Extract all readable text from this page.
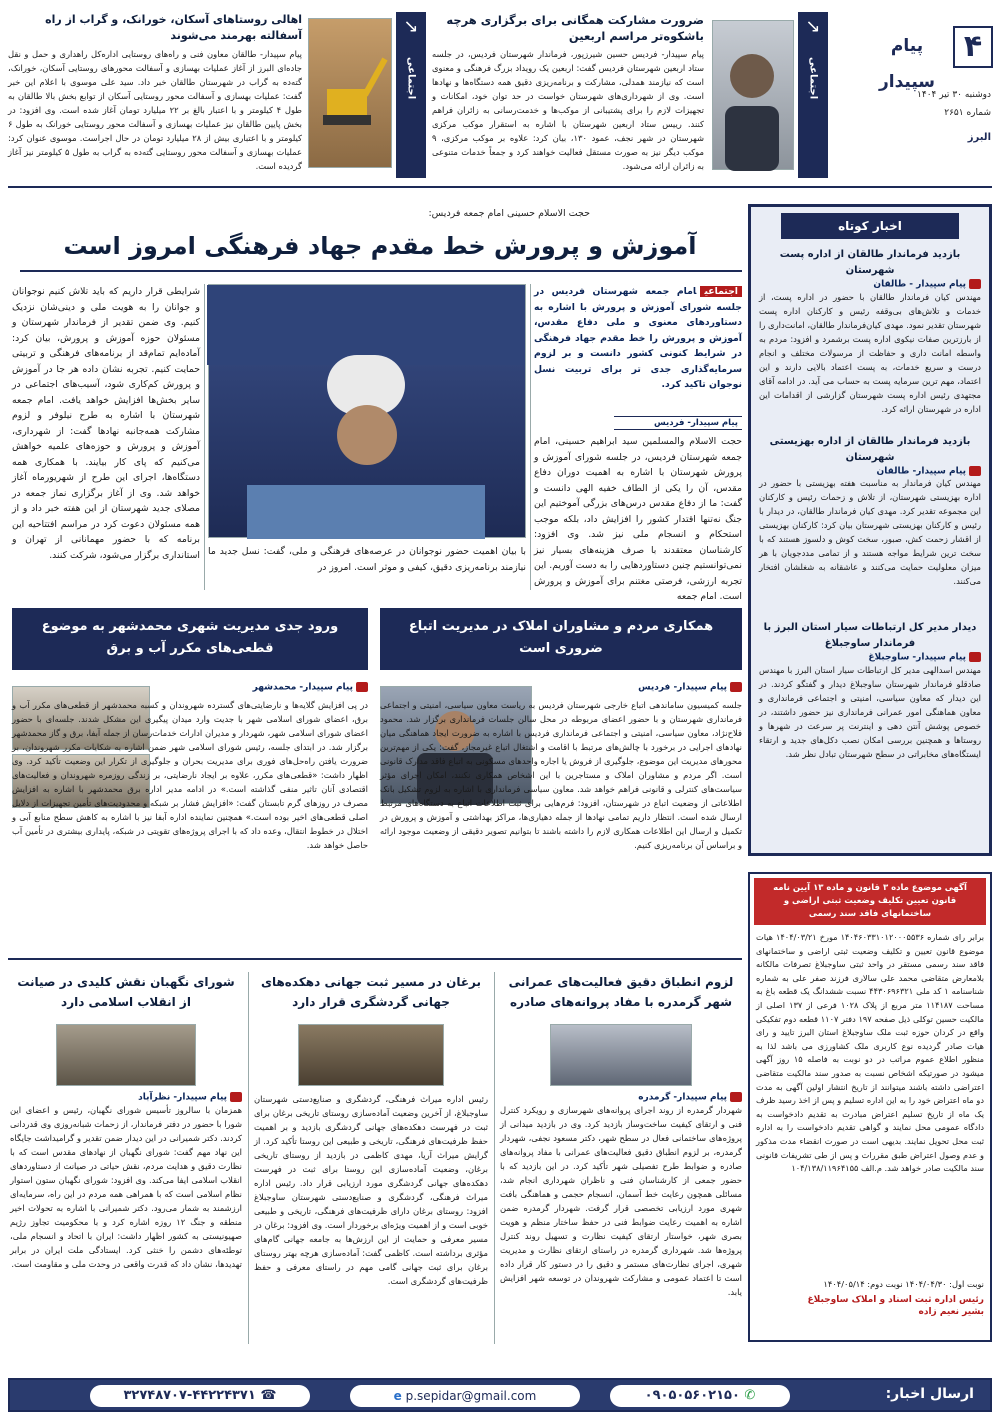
۴
پیام سپیدار
دوشنبه ۳۰ تیر ۱۴۰۴
شماره ۲۶۵۱
البرز
↘
اجتماعی
ضرورت مشارکت همگانی برای برگزاری هرچه باشکوه‌تر مراسم اربعین
پیام سپیدار- فردیس حسین شیرزپور، فرماندار شهرستان فردیس، در جلسه ستاد اربعین شهرستان فردیس گفت: اربعین یک رویداد بزرگ فرهنگی و معنوی است که نیازمند همدلی، مشارکت و برنامه‌ریزی دقیق همه دستگاه‌ها و نهادها است. وی از شهرداری‌های شهرستان خواست در حد توان خود، امکانات و تجهیزات لازم را برای پشتیبانی از موکب‌ها و خدمت‌رسانی به زائران فراهم کنند. رییس ستاد اربعین شهرستان با اشاره به استقرار موکب مرکزی شهرستان در شهر نجف، عمود ۱۳۰، بیان کرد: علاوه بر موکب مرکزی، ۹ موکب دیگر نیز به صورت مستقل فعالیت خواهند کرد و جمعاً خدمات متنوعی به زائران ارائه می‌شود.
↘
اجتماعی
اهالی روستاهای آسکان، خورانک، و گراب از راه آسفالته بهرمند می‌شوند
پیام سپیدار- طالقان معاون فنی و راه‌های روستایی اداره‌کل راهداری و حمل و نقل جاده‌ای البرز از آغاز عملیات بهسازی و آسفالت محورهای روستایی آسکان، خورانک، گته‌ده به گراب در شهرستان طالقان خبر داد. سید علی موسوی با اعلام این خبر گفت: عملیات بهسازی و آسفالت محور روستایی آسکان از توابع بخش بالا طالقان به طول ۴ کیلومتر و با اعتبار بالغ بر ۲۲ میلیارد تومان آغاز شده است. وی افزود: در بخش پایین طالقان نیز عملیات بهسازی و آسفالت محور روستایی خورانک به طول ۶ کیلومتر و با اعتباری بیش از ۲۸ میلیارد تومان در حال اجراست. موسوی عنوان کرد: عملیات بهسازی و آسفالت محور روستایی گته‌ده به گراب به طول ۵ کیلومتر نیز آغاز گردیده است.
اخبار کوتاه
بازدید فرماندار طالقان از اداره پست شهرستان
پیام سپیدار - طالقان
مهندس کیان فرماندار طالقان با حضور در اداره پست، از خدمات و تلاش‌های بی‌وقفه رئیس و کارکنان اداره پست شهرستان تقدیر نمود. مهدی کیان‌فرماندار طالقان، امانت‌داری را از بارزترین صفات نیکوی اداره پست برشمرد و افزود: مردم به واسطه امانت داری و حفاظت از مرسولات مختلف و انجام درست و سریع خدمات، به پست اعتماد بالایی دارند و این اعتماد، مهم ترین سرمایه پست به حساب می آید. در ادامه آقای مجتهدی رئیس اداره پست شهرستان گزارشی از اقدامات این اداره در شهرستان ارائه کرد.
بازدید فرماندار طالقان از اداره بهزیستی شهرستان
پیام سپیدار- طالقان
مهندس کیان فرماندار به مناسبت هفته بهزیستی با حضور در اداره بهزیستی شهرستان، از تلاش و زحمات رئیس و کارکنان این مجموعه تقدیر کرد. مهدی کیان فرماندار طالقان، در دیدار با رئیس و کارکنان بهزیستی شهرستان بیان کرد: کارکنان بهزیستی از اقشار زحمت کش، صبور، سخت کوش و دلسوز هستند که با سخت ترین شرایط مواجه هستند و از تمامی مددجویان با هر میزان معلولیت حمایت می‌کنند و عاشقانه به شغلشان افتخار می‌کنند.
دیدار مدیر کل ارتباطات سیار استان البرز با فرماندار ساوجبلاغ
پیام سپیدار- ساوجبلاغ
مهندس اسدالهی مدیر کل ارتباطات سیار استان البرز با مهندس صادقلو فرماندار شهرستان ساوجبلاغ دیدار و گفتگو کردند. در این دیدار که معاون سیاسی، امنیتی و اجتماعی فرمانداری و معاون هماهنگی امور عمرانی فرمانداری نیز حضور داشتند، در خصوص پوشش آنتن دهی و اینترنت پر سرعت در شهرها و روستاها و همچنین بررسی امکان نصب دکل‌های جدید و ارتقاء ایستگاه‌های مخابراتی در سطح شهرستان تبادل نظر شد.
حجت الاسلام حسینی امام جمعه فردیس:
آموزش و پرورش خط مقدم جهاد فرهنگی امروز است
اجتماعیامام جمعه شهرستان فردیس در جلسه شورای آموزش و پرورش با اشاره به دستاوردهای معنوی و ملی دفاع مقدس، آموزش و پرورش را خط مقدم جهاد فرهنگی در شرایط کنونی کشور دانست و بر لزوم سرمایه‌گذاری جدی تر برای تربیت نسل نوجوان تاکید کرد.
پیام سپیدار- فردیس
حجت الاسلام والمسلمین سید ابراهیم حسینی، امام جمعه شهرستان فردیس، در جلسه شورای آموزش و پرورش شهرستان با اشاره به اهمیت دوران دفاع مقدس، آن را یکی از الطاف خفیه الهی دانست و گفت: ما از دفاع مقدس درس‌های بزرگی آموختیم این جنگ نه‌تنها اقتدار کشور را افزایش داد، بلکه موجب استحکام و انسجام ملی نیز شد. وی افزود: کارشناسان معتقدند با صرف هزینه‌های بسیار نیز نمی‌توانستیم چنین دستاوردهایی را به دست آوریم. این تجربه ارزشی، فرصتی مغتنم برای آموزش و پرورش است. امام جمعه
با بیان اهمیت حضور نوجوانان در عرصه‌های فرهنگی و ملی، گفت: نسل جدید ما نیازمند برنامه‌ریزی دقیق، کیفی و موثر است. امروز در
شرایطی قرار داریم که باید تلاش کنیم نوجوانان و جوانان را به هویت ملی و دینی‌شان نزدیک کنیم. وی ضمن تقدیر از فرماندار شهرستان و مسئولان حوزه آموزش و پرورش، بیان کرد: آماده‌ایم تمام‌قد از برنامه‌های فرهنگی و تربیتی حمایت کنیم. تجربه نشان داده هر جا در آموزش و پرورش کم‌کاری شود، آسیب‌های اجتماعی در سایر بخش‌ها افزایش خواهد یافت. امام جمعه شهرستان با اشاره به طرح نیلوفر و لزوم مشارکت همه‌جانبه نهادها گفت: از شهرداری، آموزش و پرورش و حوزه‌های علمیه خواهش می‌کنیم که پای کار بیایند. با همکاری همه دستگاه‌ها، اجرای این طرح از شهریورماه آغاز خواهد شد. وی از آغاز برگزاری نماز جمعه در مصلای جدید شهرستان از این هفته خبر داد و از همه مسئولان دعوت کرد در مراسم افتتاحیه این برنامه که با حضور مهمانانی از تهران و استانداری برگزار می‌شود، شرکت کنند.
همکاری مردم و مشاوران املاک در مدیریت اتباع ضروری است
پیام سپیدار- فردیس
جلسه کمیسیون ساماندهی اتباع خارجی شهرستان فردیس به ریاست معاون سیاسی، امنیتی و اجتماعی فرمانداری شهرستان و با حضور اعضای مربوطه در محل سالن جلسات فرمانداری برگزار شد. محمود فلاح‌نژاد، معاون سیاسی، امنیتی و اجتماعی فرمانداری فردیس با اشاره به ضرورت ایجاد هماهنگی میان نهادهای اجرایی در برخورد با چالش‌های مرتبط با اقامت و اشتغال اتباع غیرمجاز، گفت: یکی از مهم‌ترین محورهای مدیریت این موضوع، جلوگیری از فروش یا اجاره واحدهای مسکونی به اتباع فاقد مدارک قانونی است. اگر مردم و مشاوران املاک و مستاجرین با این اشخاص همکاری نکنند، امکان اجرای مؤثر سیاست‌های کنترلی و قانونی فراهم خواهد شد. معاون سیاسی فرمانداری با اشاره به لزوم تشکیل بانک اطلاعاتی از وضعیت اتباع در شهرستان، افزود: فرم‌هایی برای ثبت اطلاعات اتباع به دستگاه‌های مرتبط ارسال شده است. انتظار داریم تمامی نهادها از جمله دهیاری‌ها، مراکز بهداشتی و آموزش و پرورش در تکمیل و ارسال این اطلاعات همکاری لازم را داشته باشند تا بتوانیم تصویر دقیقی از وضعیت موجود ارائه و براساس آن برنامه‌ریزی کنیم.
ورود جدی مدیریت شهری محمدشهر به موضوع قطعی‌های مکرر آب و برق
پیام سپیدار- محمدشهر
در پی افزایش گلایه‌ها و نارضایتی‌های گسترده شهروندان و کسبه محمدشهر از قطعی‌های مکرر آب و برق، اعضای شورای اسلامی شهر با جدیت وارد میدان پیگیری این مشکل شدند. جلسه‌ای با حضور اعضای شورای اسلامی شهر، شهردار و مدیران ادارات خدمات‌رسان از جمله آبفا، برق و گاز محمدشهر برگزار شد. در ابتدای جلسه، رئیس شورای اسلامی شهر ضمن اشاره به شکایات مکرر شهروندان، بر ضرورت یافتن راه‌حل‌های فوری برای مدیریت بحران و جلوگیری از تکرار این وضعیت تأکید کرد. وی اظهار داشت: «قطعی‌های مکرر، علاوه بر ایجاد نارضایتی، بر زندگی روزمره شهروندان و فعالیت‌های اقتصادی آنان تاثیر منفی گذاشته است.» در ادامه مدیر اداره برق محمدشهر با اشاره به افزایش مصرف در روزهای گرم تابستان گفت: «افزایش فشار بر شبکه و محدودیت‌های تأمین تجهیزات از دلایل اصلی قطعی‌های اخیر بوده است.» همچنین نماینده اداره آبفا نیز با اشاره به کاهش سطح منابع آبی و اختلال در خطوط انتقال، وعده داد که با اجرای پروژه‌های تقویتی در شبکه، پایداری بیشتری در تأمین آب حاصل خواهد شد.
آگهی موضوع ماده ۳ قانون و ماده ۱۳ آیین نامه قانون تعیین تکلیف وضعیت ثبتی اراضی و ساختمانهای فاقد سند رسمی
برابر رای شماره ۱۴۰۴۶۰۳۳۱۰۱۲۰۰۰۵۵۳۶ مورخ ۱۴۰۴/۰۳/۲۱ هیات موضوع قانون تعیین و تکلیف وضعیت ثبتی اراضی و ساختمانهای فاقد سند رسمی مستقر در واحد ثبتی ساوجبلاغ تصرفات مالکانه بلامعارض متقاضی محمد علی سالاری فرزند صفر علی به شماره شناسنامه ۱ کد ملی ۴۴۳۰۶۹۶۳۲۱ نسبت ششدانگ یک قطعه باغ به مساحت ۱۱۴۱۸۷ متر مربع از پلاک ۱۰۲۸ فرعی از ۱۳۷ اصلی از مالکیت حسین توکلی ذیل صفحه ۱۹۷ دفتر ۱۱۰۷ قطعه دوم تفکیکی واقع در کردان حوزه ثبت ملک ساوجبلاغ استان البرز تایید و رای هیات صادر گردیده نوع کاربری ملک کشاورزی می باشد لذا به منظور اطلاع عموم مراتب در دو نوبت به فاصله ۱۵ روز آگهی میشود در صورتیکه اشخاص نسبت به صدور سند مالکیت متقاضی اعتراضی داشته باشند میتوانند از تاریخ انتشار اولین آگهی به مدت دو ماه اعتراض خود را به این اداره تسلیم و پس از اخذ رسید ظرف یک ماه از تاریخ تسلیم اعتراض مبادرت به تقدیم دادخواست به دادگاه عمومی محل نمایند و گواهی تقدیم دادخواست را به اداره ثبت محل تحویل نمایند. بدیهی است در صورت انقضاء مدت مذکور و عدم وصول اعتراض طبق مقررات و پس از طی تشریفات قانونی سند مالکیت صادر خواهد شد. م.الف ۱۰۴/۱۳۸/۱۱۹۶۴۱۵۵
نوبت اول: ۱۴۰۴/۰۴/۳۰ نوبت دوم: ۱۴۰۴/۰۵/۱۴
رئیس اداره ثبت اسناد و املاک ساوجبلاغ
بشیر نعیم زاده
لزوم انطباق دقیق فعالیت‌های عمرانی شهر گرمدره با مفاد پروانه‌های صادره
پیام سپیدار- گرمدره
شهردار گرمدره از روند اجرای پروانه‌های شهرسازی و رویکرد کنترل فنی و ارتقای کیفیت ساخت‌وساز بازدید کرد. وی در بازدید میدانی از پروژه‌های ساختمانی فعال در سطح شهر، دکتر مسعود نجفی، شهردار گرمدره، بر لزوم انطباق دقیق فعالیت‌های عمرانی با مفاد پروانه‌های صادره و ضوابط طرح تفصیلی شهر تأکید کرد. در این بازدید که با حضور جمعی از کارشناسان فنی و ناظران شهرداری انجام شد، مسائلی همچون رعایت خط آسمان، انسجام حجمی و هماهنگی بافت شهری مورد ارزیابی تخصصی قرار گرفت. شهردار گرمدره ضمن اشاره به اهمیت رعایت ضوابط فنی در حفظ ساختار منظم و هویت بصری شهر، خواستار ارتقای کیفیت نظارت و تسهیل روند کنترل پروژه‌ها شد. شهرداری گرمدره در راستای ارتقای نظارت و مدیریت شهری، اجرای نظارت‌های مستمر و دقیق را در دستور کار قرار داده است تا اعتماد عمومی و مشارکت شهروندان در توسعه شهر افزایش یابد.
برغان در مسیر ثبت جهانی دهکده‌های جهانی گردشگری قرار دارد
رئیس اداره میراث فرهنگی، گردشگری و صنایع‌دستی شهرستان ساوجبلاغ، از آخرین وضعیت آماده‌سازی روستای تاریخی برغان برای ثبت در فهرست دهکده‌های جهانی گردشگری بازدید و بر اهمیت حفظ ظرفیت‌های فرهنگی، تاریخی و طبیعی این روستا تأکید کرد. از گرایش میراث آریا، مهدی کاظمی در بازدید از روستای تاریخی برغان، وضعیت آماده‌سازی این روستا برای ثبت در فهرست دهکده‌های جهانی گردشگری مورد ارزیابی قرار داد. رئیس اداره میراث فرهنگی، گردشگری و صنایع‌دستی شهرستان ساوجبلاغ افزود: روستای برغان دارای ظرفیت‌های فرهنگی، تاریخی و طبیعی خوبی است و از اهمیت ویژه‌ای برخوردار است. وی افزود: برغان در مسیر معرفی و حمایت از این ارزش‌ها به جامعه جهانی گام‌های مؤثری برداشته است. کاظمی گفت: آماده‌سازی هرچه بهتر روستای برغان برای ثبت جهانی گامی مهم در راستای معرفی و حفظ ظرفیت‌های گردشگری است.
شورای نگهبان نقش کلیدی در صیانت از انقلاب اسلامی دارد
پیام سپیدار- نظرآباد
همزمان با سالروز تأسیس شورای نگهبان، رئیس و اعضای این شورا با حضور در دفتر فرماندار، از زحمات شبانه‌روزی وی قدردانی کردند. دکتر شمیرانی در این دیدار ضمن تقدیر و گرامیداشت جایگاه این نهاد مهم گفت: شورای نگهبان از نهادهای مقدس است که با نظارت دقیق و هدایت مردم، نقش حیاتی در صیانت از دستاوردهای انقلاب اسلامی ایفا می‌کند. وی افزود: شورای نگهبان ستون استوار نظام اسلامی است که با همراهی همه مردم در این راه، سرمایه‌ای ارزشمند به شمار می‌رود. دکتر شمیرانی با اشاره به تحولات اخیر منطقه و جنگ ۱۲ روزه اشاره کرد و با محکومیت تجاوز رژیم صهیونیستی به کشور اظهار داشت: ایران با اتحاد و انسجام ملی، توطئه‌های دشمن را خنثی کرد. ایستادگی ملت ایران در برابر تهدیدها، نشان داد که قدرت واقعی در وحدت ملی و مقاومت است.
ارسال اخبار:
✆ ۰۹۰۵۰۵۶۰۲۱۵۰
e p.sepidar@gmail.com
☎ ۳۲۷۴۸۷۰۷-۴۴۲۲۴۳۷۱
